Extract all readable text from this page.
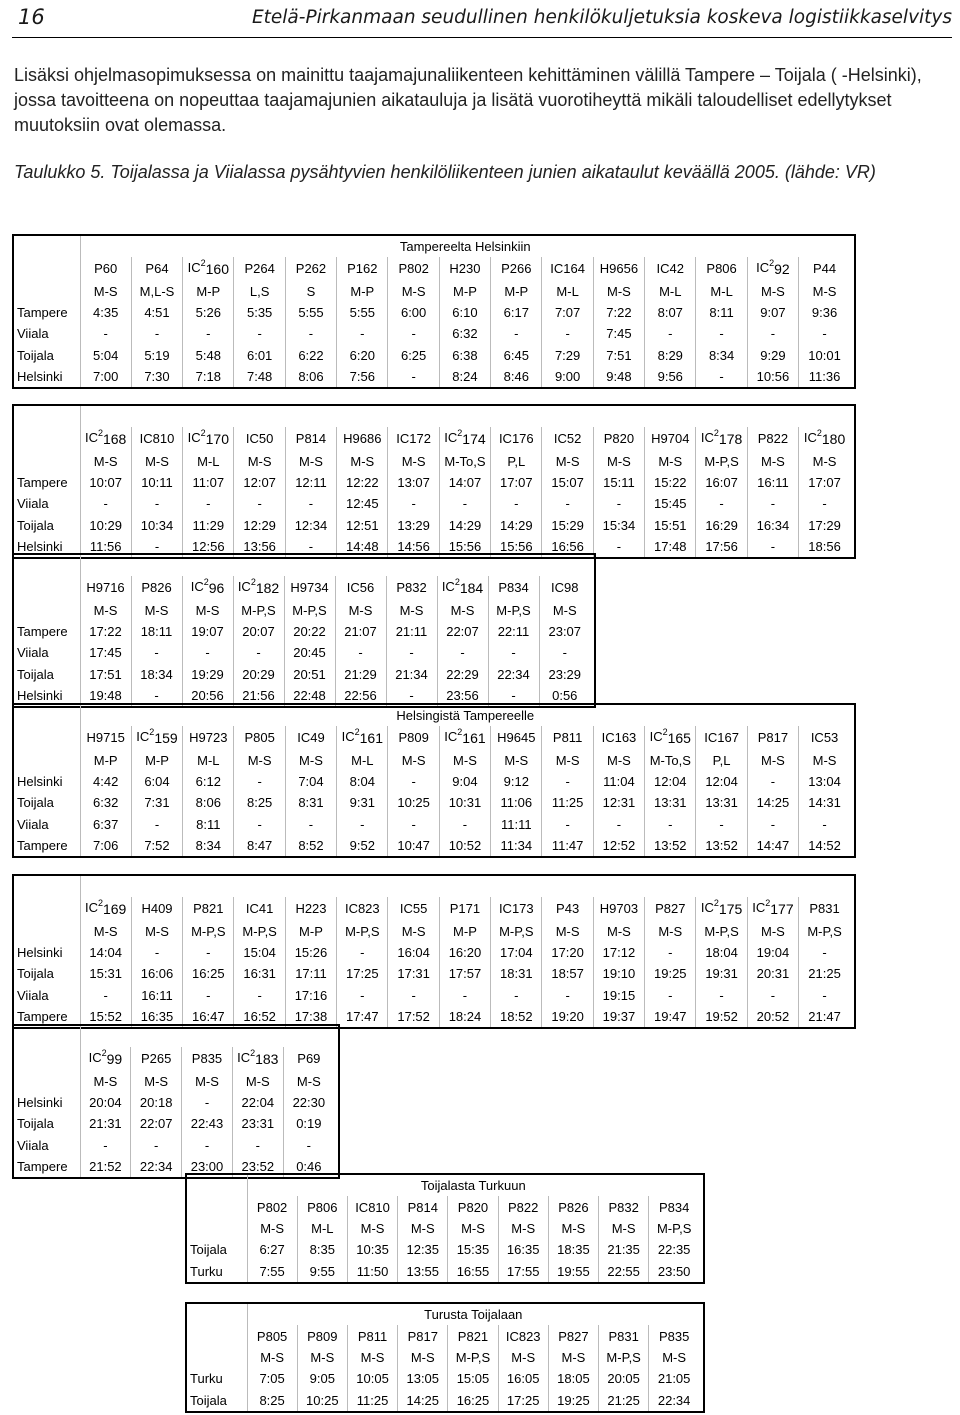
16	Etelä-Pirkanmaan seudullinen henkilökuljetuksia koskeva logistiikkaselvitys

Lisäksi ohjelmasopimuksessa on mainittu taajamajunaliikenteen kehittäminen välillä Tampere – Toijala ( -Helsinki), jossa tavoitteena on nopeuttaa taajamajunien aikatauluja ja lisätä vuorotiheyttä mikäli taloudelliset edellytykset muutoksiin ovat olemassa.

Taulukko 5. Toijalassa ja Viialassa pysähtyvien henkilöliikenteen junien aikataulut keväällä 2005. (lähde: VR)

	Tampereelta Helsinkiin														
	P60	P64	$IC^2160$	P264	P262	P162	P802	H230	P266	IC164	H9656	IC42	P806	$IC^292$	P44
	M-S	M,L-S	M-P	L,S	S	M-P	M-S	M-P	M-P	M-L	M-S	M-L	M-L	M-S	M-S
Tampere	4:35	4:51	5:26	5:35	5:55	5:55	6:00	6:10	6:17	7:07	7:22	8:07	8:11	9:07	9:36
Viiala	-	-	-	-	-	-	-	6:32	-	-	7:45	-	-	-	-
Toijala	5:04	5:19	5:48	6:01	6:22	6:20	6:25	6:38	6:45	7:29	7:51	8:29	8:34	9:29	10:01
Helsinki	7:00	7:30	7:18	7:48	8:06	7:56	-	8:24	8:46	9:00	9:48	9:56	-	10:56	11:36

	$IC^2168$	IC810	$IC^2170$	IC50	P814	H9686	IC172	$IC^2174$	IC176	IC52	P820	H9704	$IC^2178$	P822	$IC^2180$
	M-S	M-S	M-L	M-S	M-S	M-S	M-S	M-To,S	P,L	M-S	M-S	M-S	M-P,S	M-S	M-S
Tampere	10:07	10:11	11:07	12:07	12:11	12:22	13:07	14:07	17:07	15:07	15:11	15:22	16:07	16:11	17:07
Viiala	-	-	-	-	-	12:45	-	-	-	-	-	15:45	-	-	-
Toijala	10:29	10:34	11:29	12:29	12:34	12:51	13:29	14:29	14:29	15:29	15:34	15:51	16:29	16:34	17:29
Helsinki	11:56	-	12:56	13:56	-	14:48	14:56	15:56	15:56	16:56	-	17:48	17:56	-	18:56

	H9716	P826	$IC^296$	$IC^2182$	H9734	IC56	P832	$IC^2184$	P834	IC98
	M-S	M-S	M-S	M-P,S	M-P,S	M-S	M-S	M-S	M-P,S	M-S
Tampere	17:22	18:11	19:07	20:07	20:22	21:07	21:11	22:07	22:11	23:07
Viiala	17:45	-	-	-	20:45	-	-	-	-	-
Toijala	17:51	18:34	19:29	20:29	20:51	21:29	21:34	22:29	22:34	23:29
Helsinki	19:48	-	20:56	21:56	22:48	22:56	-	23:56	-	0:56
	Helsingistä Tampereelle														
	H9715	$IC^2159$	H9723	P805	IC49	$IC^2161$	P809	$IC^2161$	H9645	P811	IC163	$IC^2165$	IC167	P817	IC53
	M-P	M-P	M-L	M-S	M-S	M-L	M-S	M-S	M-S	M-S	M-S	M-To,S	P,L	M-S	M-S
Helsinki	4:42	6:04	6:12	-	7:04	8:04	-	9:04	9:12	-	11:04	12:04	12:04	-	13:04
Toijala	6:32	7:31	8:06	8:25	8:31	9:31	10:25	10:31	11:06	11:25	12:31	13:31	13:31	14:25	14:31
Viiala	6:37	-	8:11	-	-	-	-	-	11:11	-	-	-	-	-	-
Tampere	7:06	7:52	8:34	8:47	8:52	9:52	10:47	10:52	11:34	11:47	12:52	13:52	13:52	14:47	14:52

	$IC^2169$	H409	P821	IC41	H223	IC823	IC55	P171	IC173	P43	H9703	P827	$IC^2175$	$IC^2177$	P831
	M-S	M-S	M-P,S	M-P,S	M-P	M-P,S	M-S	M-P	M-P,S	M-S	M-S	M-S	M-P,S	M-S	M-P,S
Helsinki	14:04	-	-	15:04	15:26	-	16:04	16:20	17:04	17:20	17:12	-	18:04	19:04	-
Toijala	15:31	16:06	16:25	16:31	17:11	17:25	17:31	17:57	18:31	18:57	19:10	19:25	19:31	20:31	21:25
Viiala	-	16:11	-	-	17:16	-	-	-	-	-	19:15	-	-	-	-
Tampere	15:52	16:35	16:47	16:52	17:38	17:47	17:52	18:24	18:52	19:20	19:37	19:47	19:52	20:52	21:47

	$IC^299$	P265	P835	$IC^2183$	P69
	M-S	M-S	M-S	M-S	M-S
Helsinki	20:04	20:18	-	22:04	22:30
Toijala	21:31	22:07	22:43	23:31	0:19
Viiala	-	-	-	-	-
Tampere	21:52	22:34	23:00	23:52	0:46
	Toijalasta Turkuun								
	P802	P806	IC810	P814	P820	P822	P826	P832	P834
	M-S	M-L	M-S	M-S	M-S	M-S	M-S	M-S	M-P,S
Toijala	6:27	8:35	10:35	12:35	15:35	16:35	18:35	21:35	22:35
Turku	7:55	9:55	11:50	13:55	16:55	17:55	19:55	22:55	23:50
	Turusta Toijalaan								
	P805	P809	P811	P817	P821	IC823	P827	P831	P835
	M-S	M-S	M-S	M-S	M-P,S	M-S	M-S	M-P,S	M-S
Turku	7:05	9:05	10:05	13:05	15:05	16:05	18:05	20:05	21:05
Toijala	8:25	10:25	11:25	14:25	16:25	17:25	19:25	21:25	22:34
